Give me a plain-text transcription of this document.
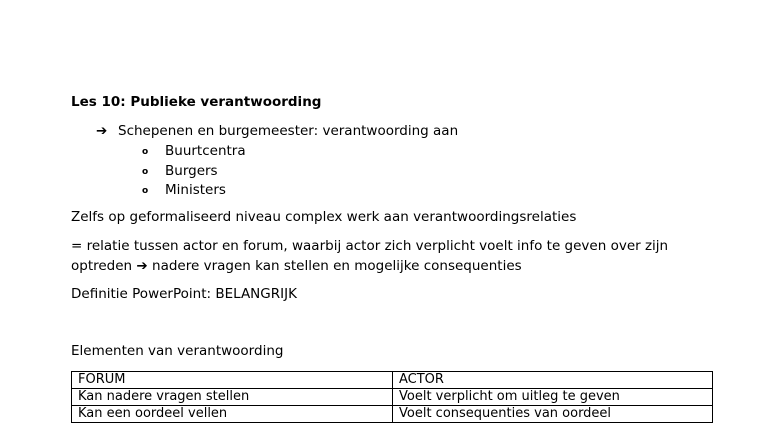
Les 10: Publieke verantwoording
➔ Schepenen en burgemeester: verantwoording aan
o Buurtcentra
o Burgers
o Ministers
Zelfs op geformaliseerd niveau complex werk aan verantwoordingsrelaties
= relatie tussen actor en forum, waarbij actor zich verplicht voelt info te geven over zijn
optreden ➔ nadere vragen kan stellen en mogelijke consequenties
Definitie PowerPoint: BELANGRIJK
Elementen van verantwoording
FORUM	ACTOR
Kan nadere vragen stellen	Voelt verplicht om uitleg te geven
Kan een oordeel vellen	Voelt consequenties van oordeel
